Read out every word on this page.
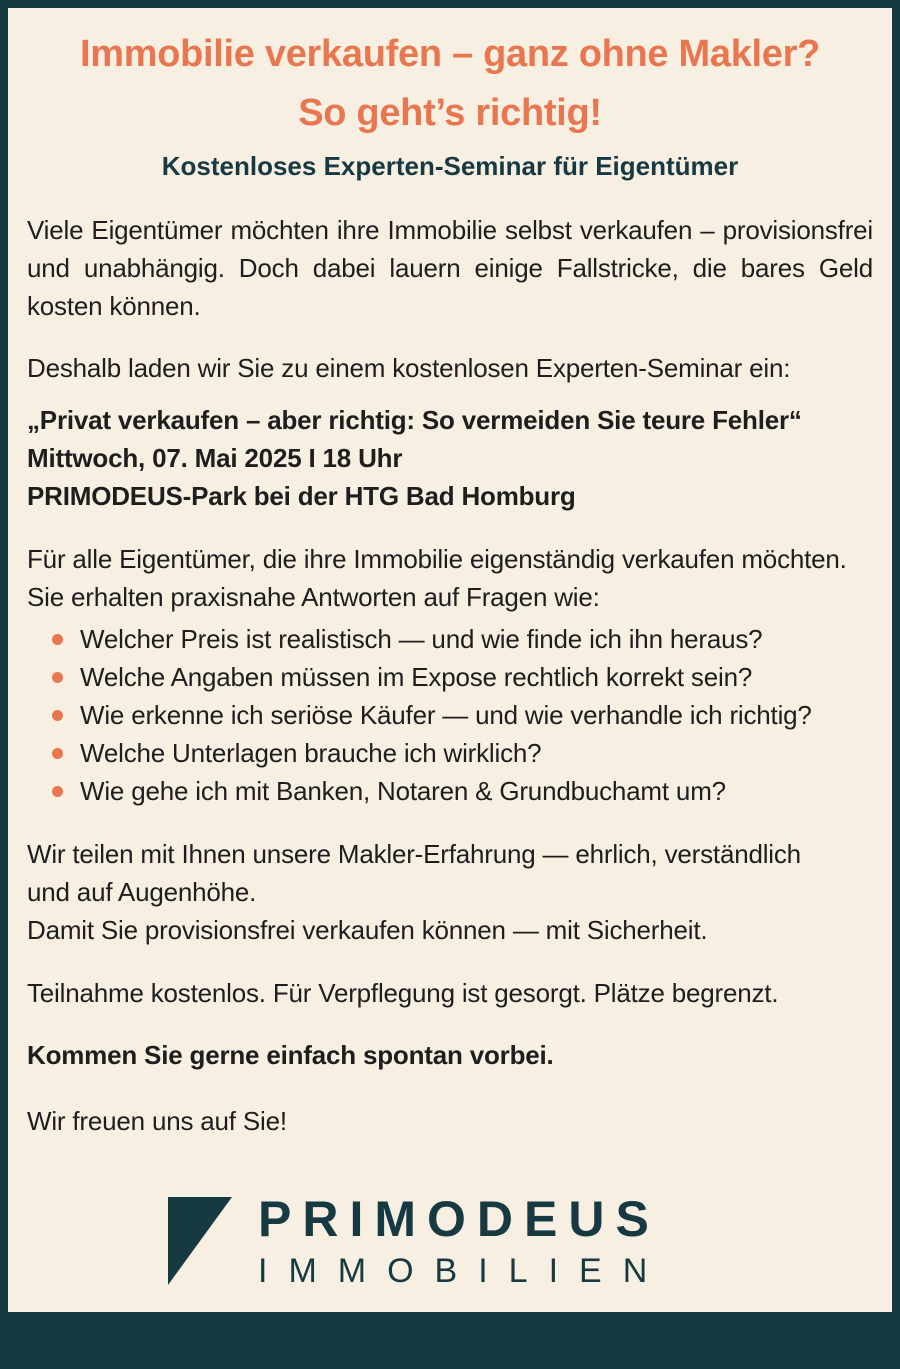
Immobilie verkaufen – ganz ohne Makler?
So geht’s richtig!
Kostenloses Experten-Seminar für Eigentümer

Viele Eigentümer möchten ihre Immobilie selbst verkaufen – provisionsfrei und unabhängig. Doch dabei lauern einige Fallstricke, die bares Geld kosten können.

Deshalb laden wir Sie zu einem kostenlosen Experten-Seminar ein:

„Privat verkaufen – aber richtig: So vermeiden Sie teure Fehler“

Mittwoch, 07. Mai 2025 I 18 Uhr

PRIMODEUS-Park bei der HTG Bad Homburg

Für alle Eigentümer, die ihre Immobilie eigenständig verkaufen möchten.

Sie erhalten praxisnahe Antworten auf Fragen wie:

Welcher Preis ist realistisch — und wie finde ich ihn heraus?
Welche Angaben müssen im Expose rechtlich korrekt sein?
Wie erkenne ich seriöse Käufer — und wie verhandle ich richtig?
Welche Unterlagen brauche ich wirklich?
Wie gehe ich mit Banken, Notaren & Grundbuchamt um?

Wir teilen mit Ihnen unsere Makler-Erfahrung — ehrlich, verständlich

und auf Augenhöhe.

Damit Sie provisionsfrei verkaufen können — mit Sicherheit.

Teilnahme kostenlos. Für Verpflegung ist gesorgt. Plätze begrenzt.

Kommen Sie gerne einfach spontan vorbei.

Wir freuen uns auf Sie!

PRIMODEUS
IMMOBILIEN
